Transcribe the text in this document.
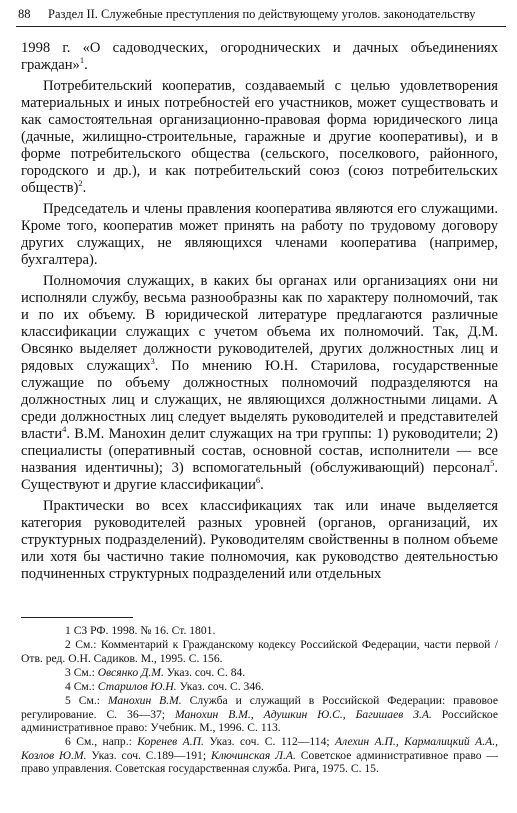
88 Раздел II. Служебные преступления по действующему уголов. законодательству

1998 г. «О садоводческих, огороднических и дачных объединениях граждан»$^1$.

Потребительский кооператив, создаваемый с целью удовлетворения материальных и иных потребностей его участников, может существовать и как самостоятельная организационно-правовая форма юридического лица (дачные, жилищно-строительные, гаражные и другие кооперативы), и в форме потребительского общества (сельского, поселкового, районного, городского и др.), и как потребительский союз (союз потребительских обществ)$^2$.

Председатель и члены правления кооператива являются его служащими. Кроме того, кооператив может принять на работу по трудовому договору других служащих, не являющихся членами кооператива (например, бухгалтера).

Полномочия служащих, в каких бы органах или организациях они ни исполняли службу, весьма разнообразны как по характеру полномочий, так и по их объему. В юридической литературе предлагаются различные классификации служащих с учетом объема их полномочий. Так, Д.М. Овсянко выделяет должности руководителей, других должностных лиц и рядовых служащих$^3$. По мнению Ю.Н. Старилова, государственные служащие по объему должностных полномочий подразделяются на должностных лиц и служащих, не являющихся должностными лицами. А среди должностных лиц следует выделять руководителей и представителей власти$^4$. В.М. Манохин делит служащих на три группы: 1) руководители; 2) специалисты (оперативный состав, основной состав, исполнители — все названия идентичны); 3) вспомогательный (обслуживающий) персонал$^5$. Существуют и другие классификации$^6$.

Практически во всех классификациях так или иначе выделяется категория руководителей разных уровней (органов, организаций, их структурных подразделений). Руководителям свойственны в полном объеме или хотя бы частично такие полномочия, как руководство деятельностью подчиненных структурных подразделений или отдельных

1 СЗ РФ. 1998. № 16. Ст. 1801.

2 См.: Комментарий к Гражданскому кодексу Российской Федерации, части первой / Отв. ред. О.Н. Садиков. М., 1995. С. 156.

3 См.: Овсянко Д.М. Указ. соч. С. 84.

4 См.: Старилов Ю.Н. Указ. соч. С. 346.

5 См.: Манохин В.М. Служба и служащий в Российской Федерации: правовое регулирование. С. 36—37; Манохин В.М., Адушкин Ю.С., Багишаев З.А. Российское административное право: Учебник. М., 1996. С. 113.

6 См., напр.: Коренев А.П. Указ. соч. С. 112—114; Алехин А.П., Кармалицкий А.А., Козлов Ю.М. Указ. соч. С.189—191; Ключинская Л.А. Советское административное право — право управления. Советская государственная служба. Рига, 1975. С. 15.
